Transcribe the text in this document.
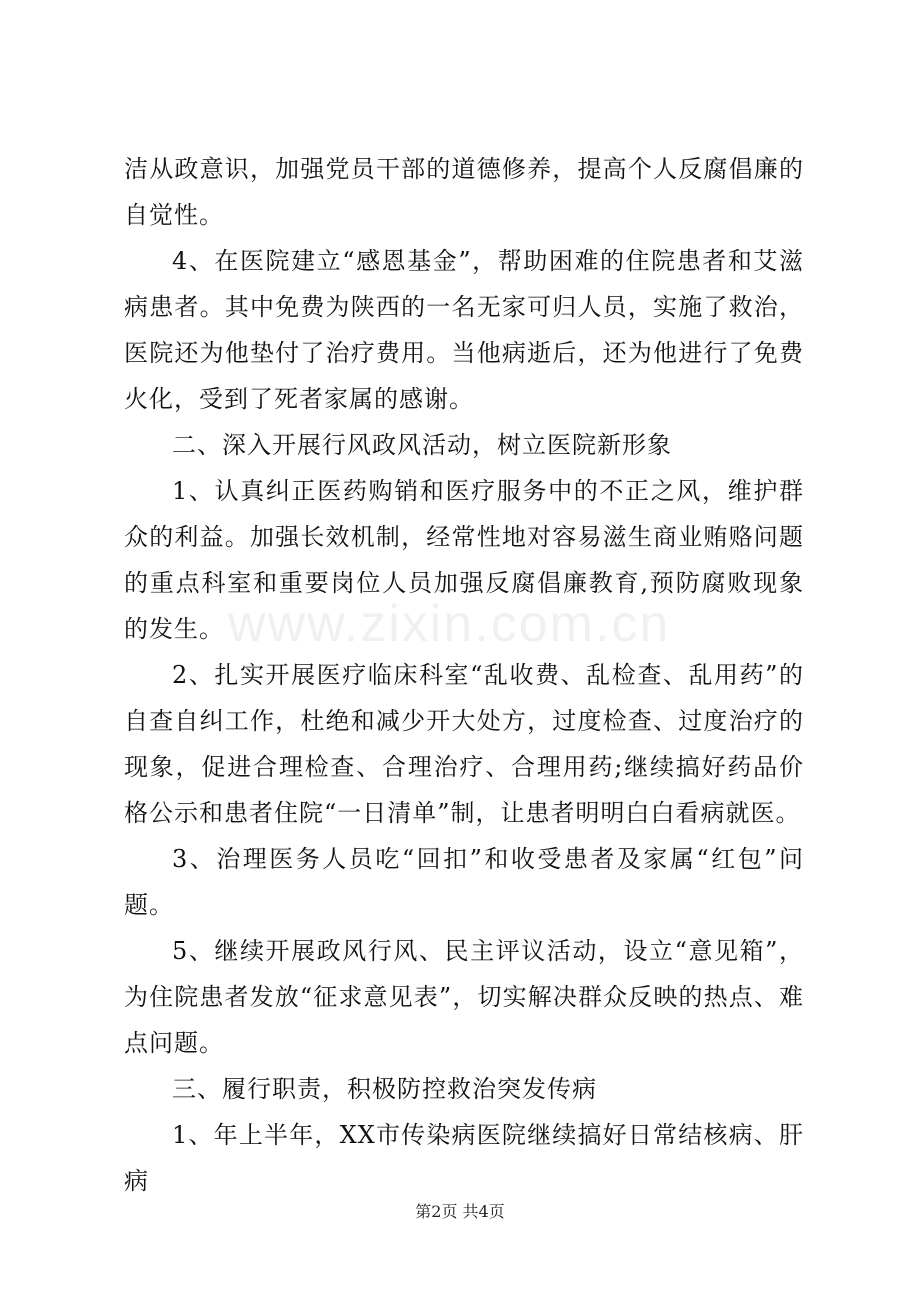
www.zixin.com.cn

洁从政意识，加强党员干部的道德修养，提高个人反腐倡廉的自觉性。

4、在医院建立“感恩基金”，帮助困难的住院患者和艾滋病患者。其中免费为陕西的一名无家可归人员，实施了救治，医院还为他垫付了治疗费用。当他病逝后，还为他进行了免费火化，受到了死者家属的感谢。

二、深入开展行风政风活动，树立医院新形象

1、认真纠正医药购销和医疗服务中的不正之风，维护群众的利益。加强长效机制，经常性地对容易滋生商业贿赂问题的重点科室和重要岗位人员加强反腐倡廉教育,预防腐败现象的发生。

2、扎实开展医疗临床科室“乱收费、乱检查、乱用药”的自查自纠工作，杜绝和减少开大处方，过度检查、过度治疗的现象，促进合理检查、合理治疗、合理用药;继续搞好药品价格公示和患者住院“一日清单”制，让患者明明白白看病就医。

3、治理医务人员吃“回扣”和收受患者及家属“红包”问题。

5、继续开展政风行风、民主评议活动，设立“意见箱”，为住院患者发放“征求意见表”，切实解决群众反映的热点、难点问题。

三、履行职责，积极防控救治突发传病

1、年上半年，XX市传染病医院继续搞好日常结核病、肝病

第2页 共4页
